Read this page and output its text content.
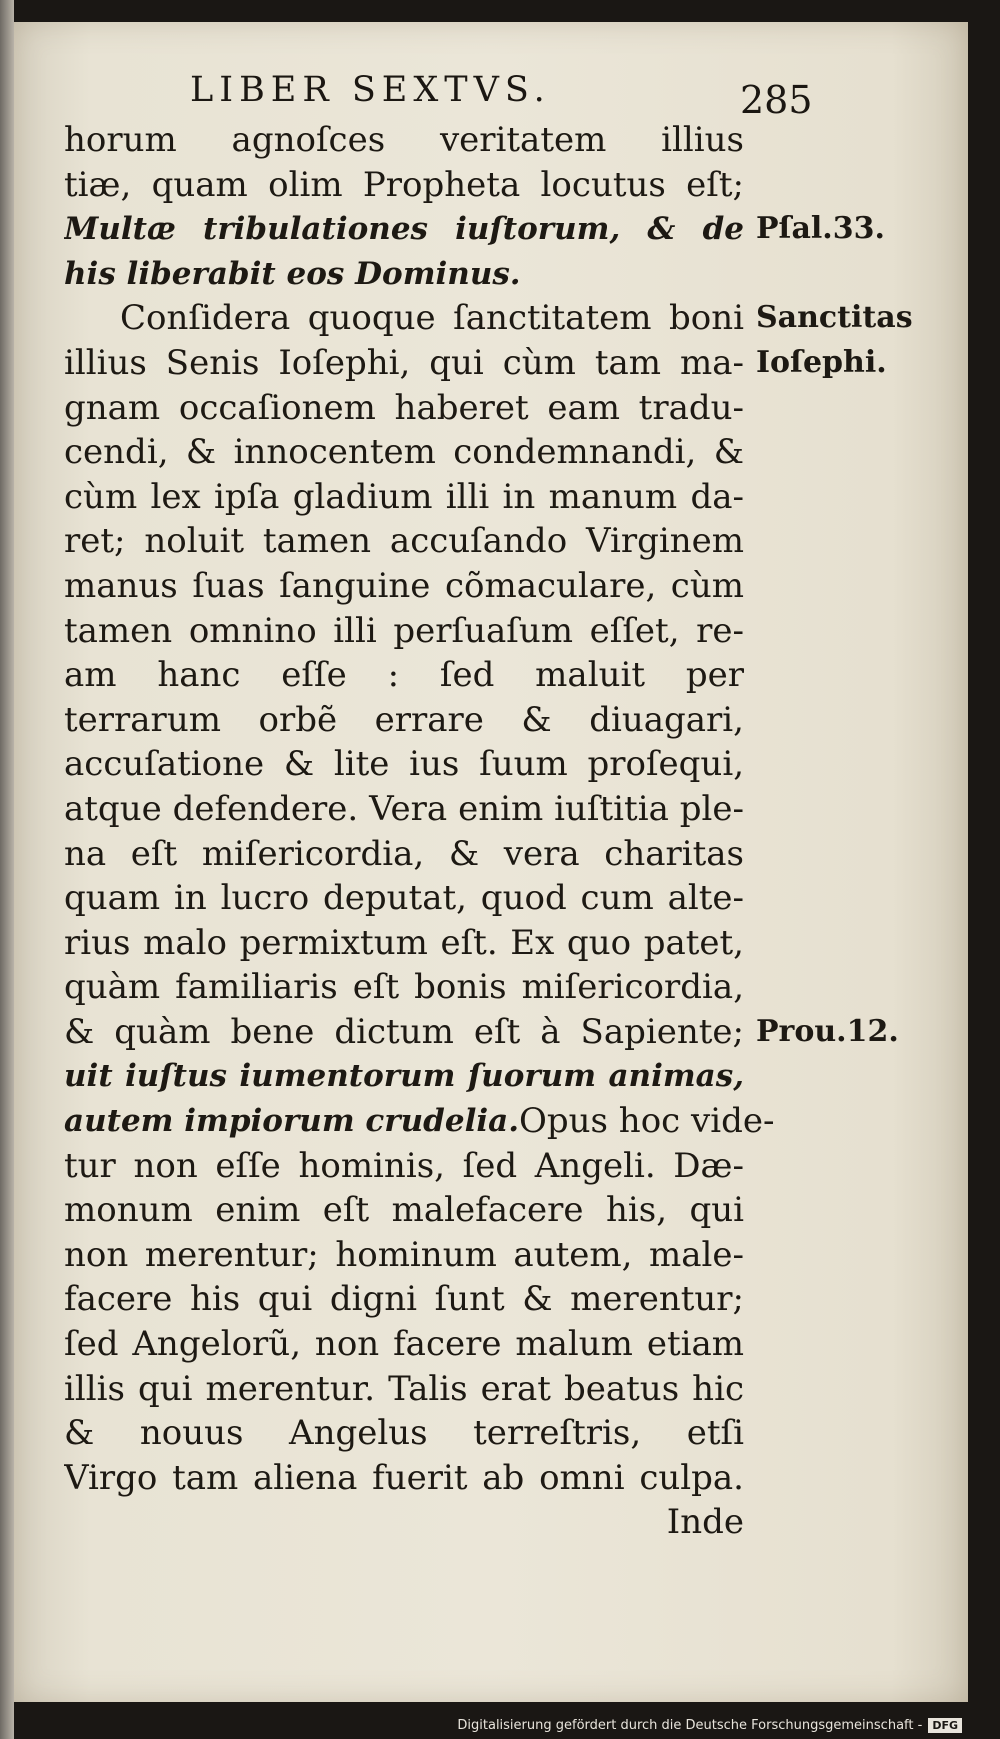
LIBER SEXTVS.	285
horum agnoſces veritatem illius
tiæ, quam olim Propheta locutus eſt;
Multæ tribulationes iuſtorum, & de
his liberabit eos Dominus.
Conſidera quoque ſanctitatem boni
illius Senis Ioſephi, qui cùm tam ma-
gnam occaſionem haberet eam tradu-
cendi, & innocentem condemnandi, &
cùm lex ipſa gladium illi in manum da-
ret; noluit tamen accuſando Virginem
manus ſuas ſanguine cõmaculare, cùm
tamen omnino illi perſuaſum eſſet, re-
am hanc eſſe : ſed maluit per
terrarum orbẽ errare & diuagari,
accuſatione & lite ius ſuum proſequi,
atque defendere. Vera enim iuſtitia ple-
na eſt miſericordia, & vera charitas
quam in lucro deputat, quod cum alte-
rius malo permixtum eſt. Ex quo patet,
quàm familiaris eſt bonis miſericordia,
& quàm bene dictum eſt à Sapiente;
uit iuſtus iumentorum ſuorum animas,
autem impiorum crudelia. Opus hoc vide-
tur non eſſe hominis, ſed Angeli. Dæ-
monum enim eſt malefacere his, qui
non merentur; hominum autem, male-
facere his qui digni ſunt & merentur;
ſed Angelorũ, non facere malum etiam
illis qui merentur. Talis erat beatus hic
& nouus Angelus terreſtris, etſi
Virgo tam aliena fuerit ab omni culpa.
Inde
Pſal.33.
Sanctitas
Ioſephi.
Prou.12.
Digitalisierung gefördert durch die Deutsche Forschungsgemeinschaft - DFG
